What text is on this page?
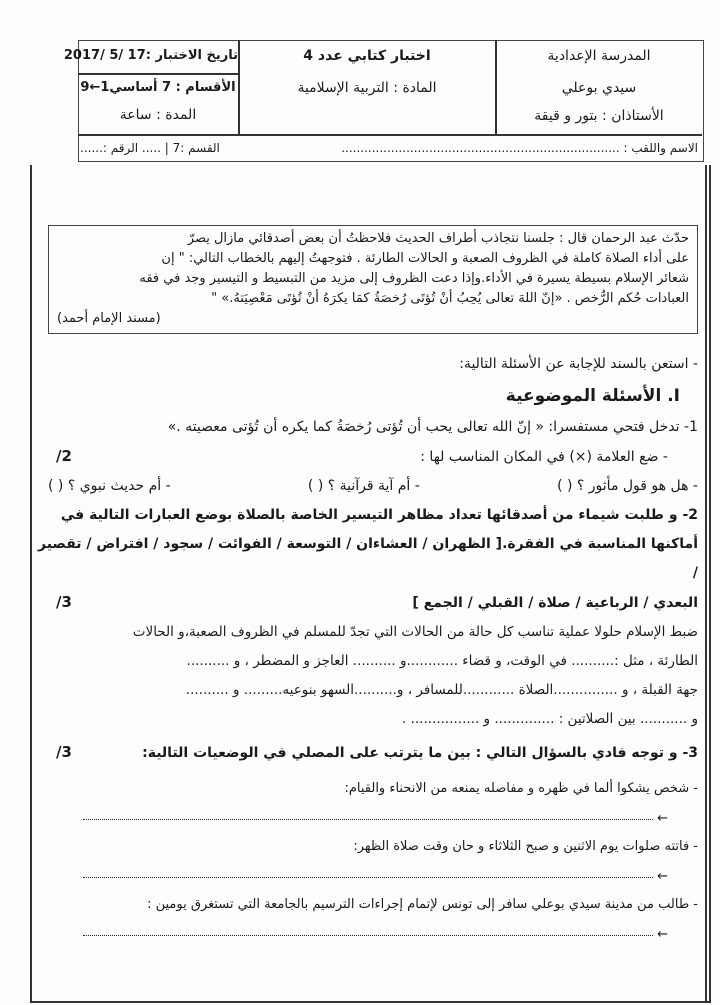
المدرسة الإعدادية
سيدي بوعلي
الأستاذان : بتور و قيقة
اختبار كتابي عدد 4
المادة : التربية الإسلامية
تاريخ الاختبار :17 /5 /2017
الأقسام : 7 أساسي1←9
المدة : ساعة
القسم :7 | ..... الرقم :......	الاسم واللقب : .........................................................................
حدّث عبد الرحمان قال : جلسنا نتجاذب أطراف الحديث فلاحظتُ أن بعض أصدقائي مازال يصرّ
على أداء الصلاة كاملة في الظروف الصعبة و الحالات الطارئة . فتوجهتُ إليهم بالخطاب التالي: " إن
شعائر الإسلام بسيطة يسيرة في الأداء.وإذا دعت الظروف إلى مزيد من التبسيط و التيسير وجد في فقه
العبادات حُكم الرُّخص . «إنّ اللهَ تعالى يُحِبُ أنْ تُؤتَى رُخصَةُ كمَا يكرَهُ أنْ تُؤتَى مَعْصِيَتهُ.» "
(مسند الإمام أحمد)
- استعن بالسند للإجابة عن الأسئلة التالية:
I. الأسئلة الموضوعية
1- تدخل فتحي مستفسرا: « إنّ الله تعالى يحب أن تُؤتى رُخصَةُ كما يكره أن تُؤتى معصيته .»
- ضع العلامة (×) في المكان المناسب لها :
/2
- هل هو قول مأثور ؟ ( )
- أم آية قرآنية ؟ ( )
- أم حديث نبوي ؟ ( )
2- و طلبت شيماء من أصدقائها تعداد مظاهر التيسير الخاصة بالصلاة بوضع العبارات التالية في
أماكنها المناسبة في الفقرة.[ الظهران / العشاءان / التوسعة / الفوائت / سجود / افتراض / تقصير /
البعدي / الرباعية / صلاة / القبلي / الجمع ]
/3
ضبط الإسلام حلولا عملية تناسب كل حالة من الحالات التي تجدّ للمسلم في الظروف الصعبة،و الحالات
الطارئة ، مثل :.......... في الوقت، و قضاء ............و .......... العاجز و المضطر ، و ..........
جهة القبلة ، و ...............الصلاة ............للمسافر ، و..........السهو بنوعيه......... و ..........
و ........... بين الصلاتين : .............. و ................ .
3- و توجه فادي بالسؤال التالي : بين ما يترتب على المصلي في الوضعيات التالية:
/3
- شخص يشكوا ألما في ظهره و مفاصله يمنعه من الانحناء والقيام:
←
- فاتته صلوات يوم الاثنين و صبح الثلاثاء و حان وقت صلاة الظهر:
←
- طالب من مدينة سيدي بوعلي سافر إلى تونس لإتمام إجراءات الترسيم بالجامعة التي تستغرق يومين :
←
